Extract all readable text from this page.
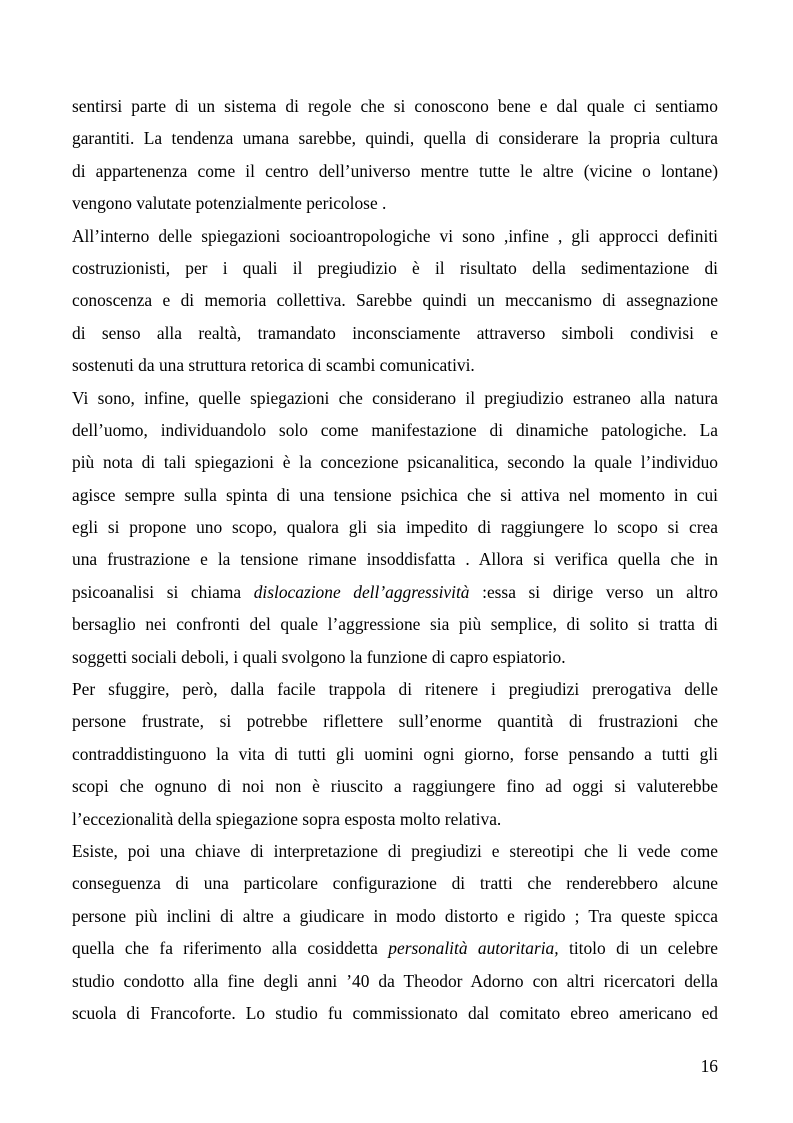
sentirsi parte di un sistema di regole che si conoscono bene e dal quale ci sentiamo
garantiti. La tendenza umana sarebbe, quindi, quella di considerare la propria cultura
di appartenenza come il centro dell’universo mentre tutte le altre (vicine o lontane)
vengono valutate potenzialmente pericolose .
All’interno delle spiegazioni socioantropologiche vi sono ,infine , gli approcci definiti
costruzionisti, per i quali il pregiudizio è il risultato della sedimentazione di
conoscenza e di memoria collettiva. Sarebbe quindi un meccanismo di assegnazione
di senso alla realtà, tramandato inconsciamente attraverso simboli condivisi e
sostenuti da una struttura retorica di scambi comunicativi.
Vi sono, infine, quelle spiegazioni che considerano il pregiudizio estraneo alla natura
dell’uomo, individuandolo solo come manifestazione di dinamiche patologiche. La
più nota di tali spiegazioni è la concezione psicanalitica, secondo la quale l’individuo
agisce sempre sulla spinta di una tensione psichica che si attiva nel momento in cui
egli si propone uno scopo, qualora gli sia impedito di raggiungere lo scopo si crea
una frustrazione e la tensione rimane insoddisfatta . Allora si verifica quella che in
psicoanalisi si chiama dislocazione dell’aggressività :essa si dirige verso un altro
bersaglio nei confronti del quale l’aggressione sia più semplice, di solito si tratta di
soggetti sociali deboli, i quali svolgono la funzione di capro espiatorio.
Per sfuggire, però, dalla facile trappola di ritenere i pregiudizi prerogativa delle
persone frustrate, si potrebbe riflettere sull’enorme quantità di frustrazioni che
contraddistinguono la vita di tutti gli uomini ogni giorno, forse pensando a tutti gli
scopi che ognuno di noi non è riuscito a raggiungere fino ad oggi si valuterebbe
l’eccezionalità della spiegazione sopra esposta molto relativa.
Esiste, poi una chiave di interpretazione di pregiudizi e stereotipi che li vede come
conseguenza di una particolare configurazione di tratti che renderebbero alcune
persone più inclini di altre a giudicare in modo distorto e rigido ; Tra queste spicca
quella che fa riferimento alla cosiddetta personalità autoritaria, titolo di un celebre
studio condotto alla fine degli anni ’40 da Theodor Adorno con altri ricercatori della
scuola di Francoforte. Lo studio fu commissionato dal comitato ebreo americano ed
16
